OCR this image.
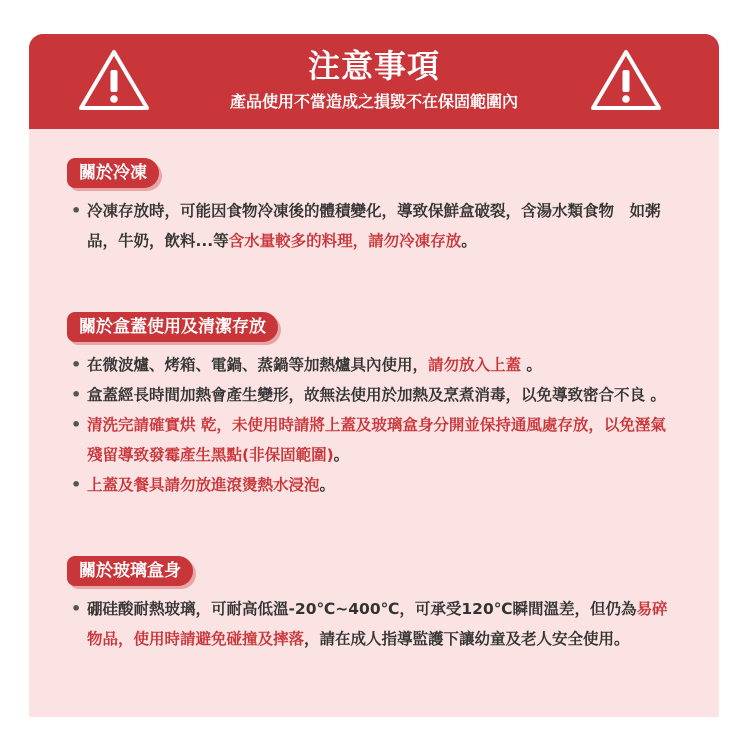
注意事項

產品使用不當造成之損毀不在保固範圍內

關於冷凍
• 冷凍存放時，可能因食物冷凍後的體積變化，導致保鮮盒破裂，含湯水類食物　如粥品，牛奶，飲料...等含水量較多的料理，請勿冷凍存放。
關於盒蓋使用及清潔存放
• 在微波爐、烤箱、電鍋、蒸鍋等加熱爐具內使用，請勿放入上蓋 。
• 盒蓋經長時間加熱會產生變形，故無法使用於加熱及烹煮消毒，以免導致密合不良 。
• 清洗完請確實烘 乾，未使用時請將上蓋及玻璃盒身分開並保持通風處存放，以免溼氣殘留導致發霉產生黑點(非保固範圍)。
• 上蓋及餐具請勿放進滾燙熱水浸泡。
關於玻璃盒身
• 硼硅酸耐熱玻璃，可耐高低溫-20℃~400℃，可承受120℃瞬間溫差，但仍為易碎物品，使用時請避免碰撞及摔落，請在成人指導監護下讓幼童及老人安全使用。
